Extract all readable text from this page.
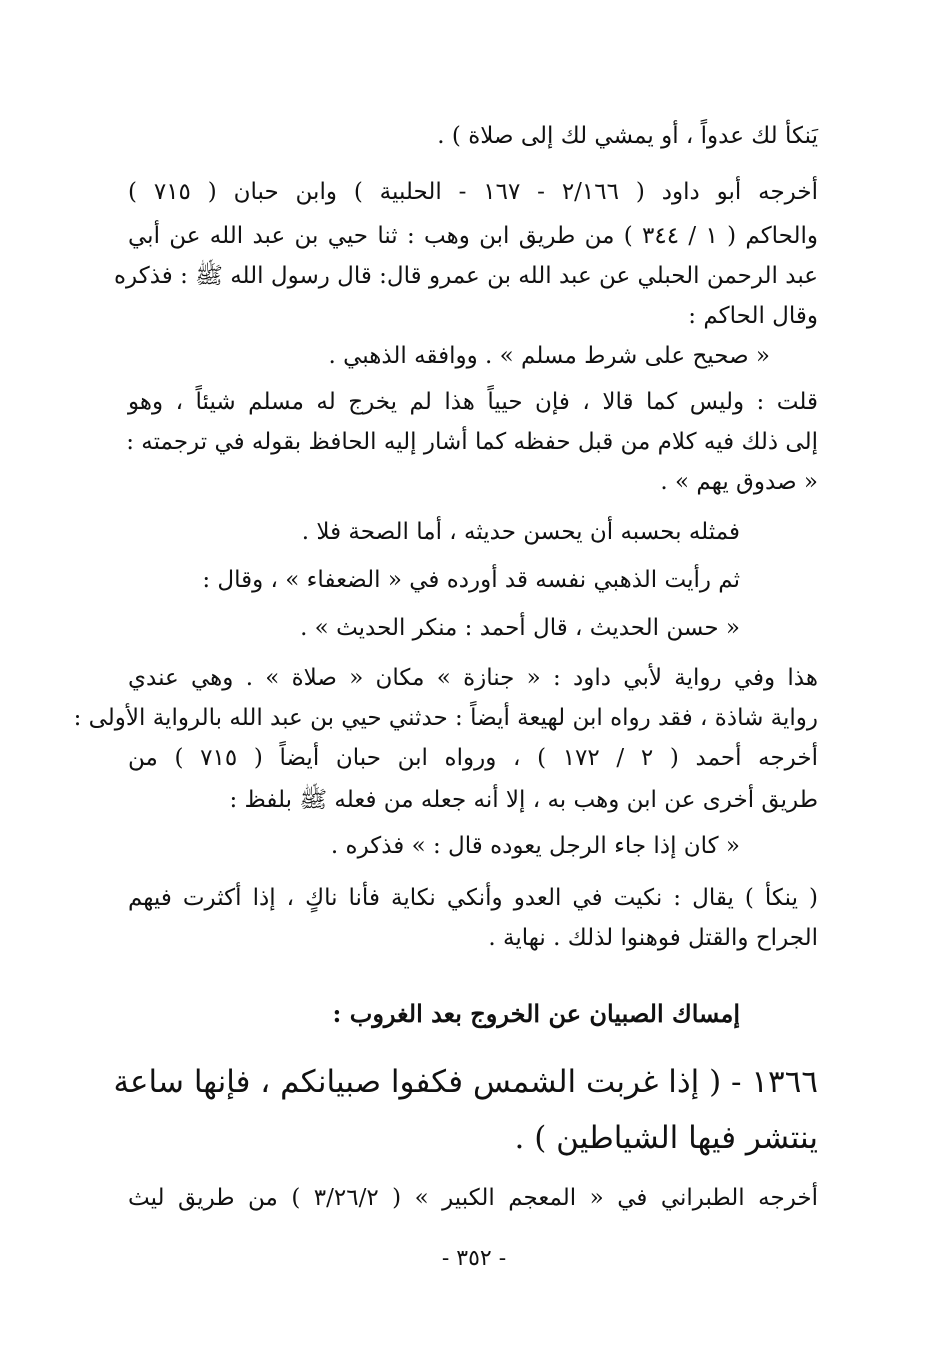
يَنكأ لك عدواً ، أو يمشي لك إلى صلاة ) .
أخرجه أبو داود ( ٢/١٦٦ - ١٦٧ - الحلبية ) وابن حبان ( ٧١٥ )
والحاكم ( ١ / ٣٤٤ ) من طريق ابن وهب : ثنا حيي بن عبد الله عن أبي
عبد الرحمن الحبلي عن عبد الله بن عمرو قال: قال رسول الله ﷺ : فذكره
وقال الحاكم :
« صحيح على شرط مسلم » . ووافقه الذهبي .
قلت : وليس كما قالا ، فإن حيياً هذا لم يخرج له مسلم شيئاً ، وهو
إلى ذلك فيه كلام من قبل حفظه كما أشار إليه الحافظ بقوله في ترجمته :
« صدوق يهم » .
فمثله بحسبه أن يحسن حديثه ، أما الصحة فلا .
ثم رأيت الذهبي نفسه قد أورده في « الضعفاء » ، وقال :
« حسن الحديث ، قال أحمد : منكر الحديث » .
هذا وفي رواية لأبي داود : « جنازة » مكان « صلاة » . وهي عندي
رواية شاذة ، فقد رواه ابن لهيعة أيضاً : حدثني حيي بن عبد الله بالرواية الأولى :
أخرجه أحمد ( ٢ / ١٧٢ ) ، ورواه ابن حبان أيضاً ( ٧١٥ ) من
طريق أخرى عن ابن وهب به ، إلا أنه جعله من فعله ﷺ بلفظ :
« كان إذا جاء الرجل يعوده قال : » فذكره .
( ينكأ ) يقال : نكيت في العدو وأنكي نكاية فأنا ناكٍ ، إذا أكثرت فيهم
الجراح والقتل فوهنوا لذلك . نهاية .
إمساك الصبيان عن الخروج بعد الغروب :
١٣٦٦ - ( إذا غربت الشمس فكفوا صبيانكم ، فإنها ساعة
ينتشر فيها الشياطين ) .
أخرجه الطبراني في « المعجم الكبير » ( ٣/٢٦/٢ ) من طريق ليث
- ٣٥٢ -
